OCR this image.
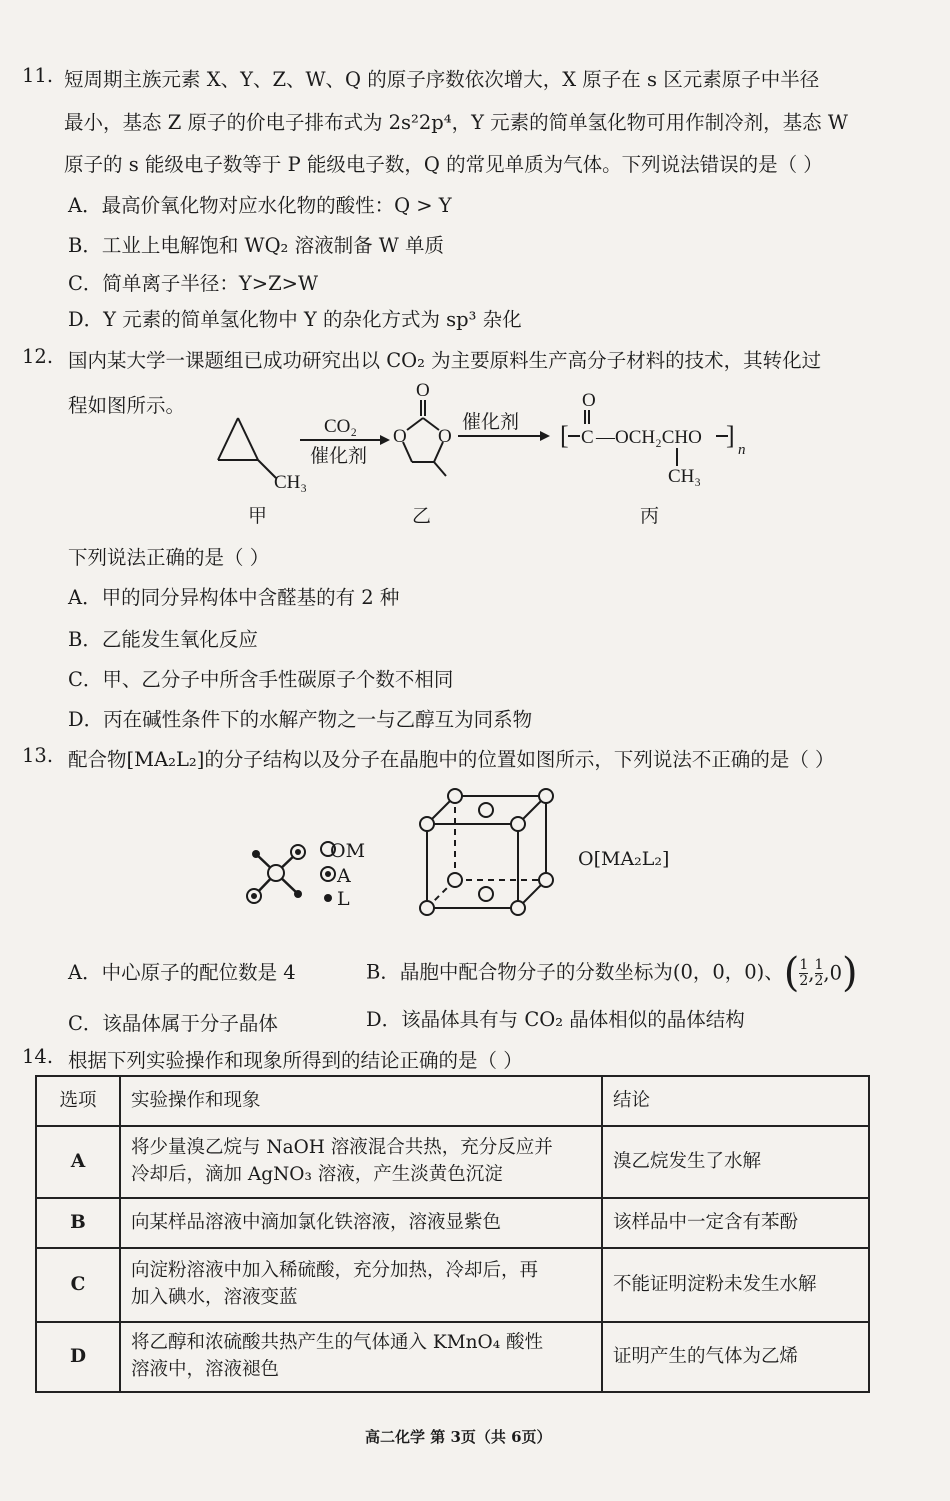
11. 短周期主族元素 X、Y、Z、W、Q 的原子序数依次增大，X 原子在 s 区元素原子中半径
最小，基态 Z 原子的价电子排布式为 2s²2p⁴，Y 元素的简单氢化物可用作制冷剂，基态 W
原子的 s 能级电子数等于 P 能级电子数，Q 的常见单质为气体。下列说法错误的是（ ）
A．最高价氧化物对应水化物的酸性：Q > Y
B．工业上电解饱和 WQ₂ 溶液制备 W 单质
C．简单离子半径：Y>Z>W
D．Y 元素的简单氢化物中 Y 的杂化方式为 sp³ 杂化
12. 国内某大学一课题组已成功研究出以 CO₂ 为主要原料生产高分子材料的技术，其转化过
程如图所示。
CH₃
CO₂
催化剂
O
O O
催化剂 [
O
C —OCH₂CHO ] n
CH₃
甲	乙	丙
下列说法正确的是（ ）
A．甲的同分异构体中含醛基的有 2 种
B．乙能发生氧化反应
C．甲、乙分子中所含手性碳原子个数不相同
D．丙在碱性条件下的水解产物之一与乙醇互为同系物
13. 配合物[MA₂L₂]的分子结构以及分子在晶胞中的位置如图所示，下列说法不正确的是（ ）
OM
A
L
O[MA₂L₂]
A．中心原子的配位数是 4	B．晶胞中配合物分子的分数坐标为(0，0，0)、( $\frac{1}{2}$ , $\frac{1}{2} ,0$)
C．该晶体属于分子晶体	D．该晶体具有与 CO₂ 晶体相似的晶体结构
14. 根据下列实验操作和现象所得到的结论正确的是（ ）
选项	实验操作和现象	结论
A	将少量溴乙烷与 NaOH 溶液混合共热，充分反应并
冷却后，滴加 AgNO₃ 溶液，产生淡黄色沉淀	溴乙烷发生了水解
B	向某样品溶液中滴加氯化铁溶液，溶液显紫色	该样品中一定含有苯酚
C	向淀粉溶液中加入稀硫酸，充分加热，冷却后，再
加入碘水，溶液变蓝	不能证明淀粉未发生水解
D	将乙醇和浓硫酸共热产生的气体通入 KMnO₄ 酸性
溶液中，溶液褪色	证明产生的气体为乙烯
高二化学 第 3页（共 6页）
